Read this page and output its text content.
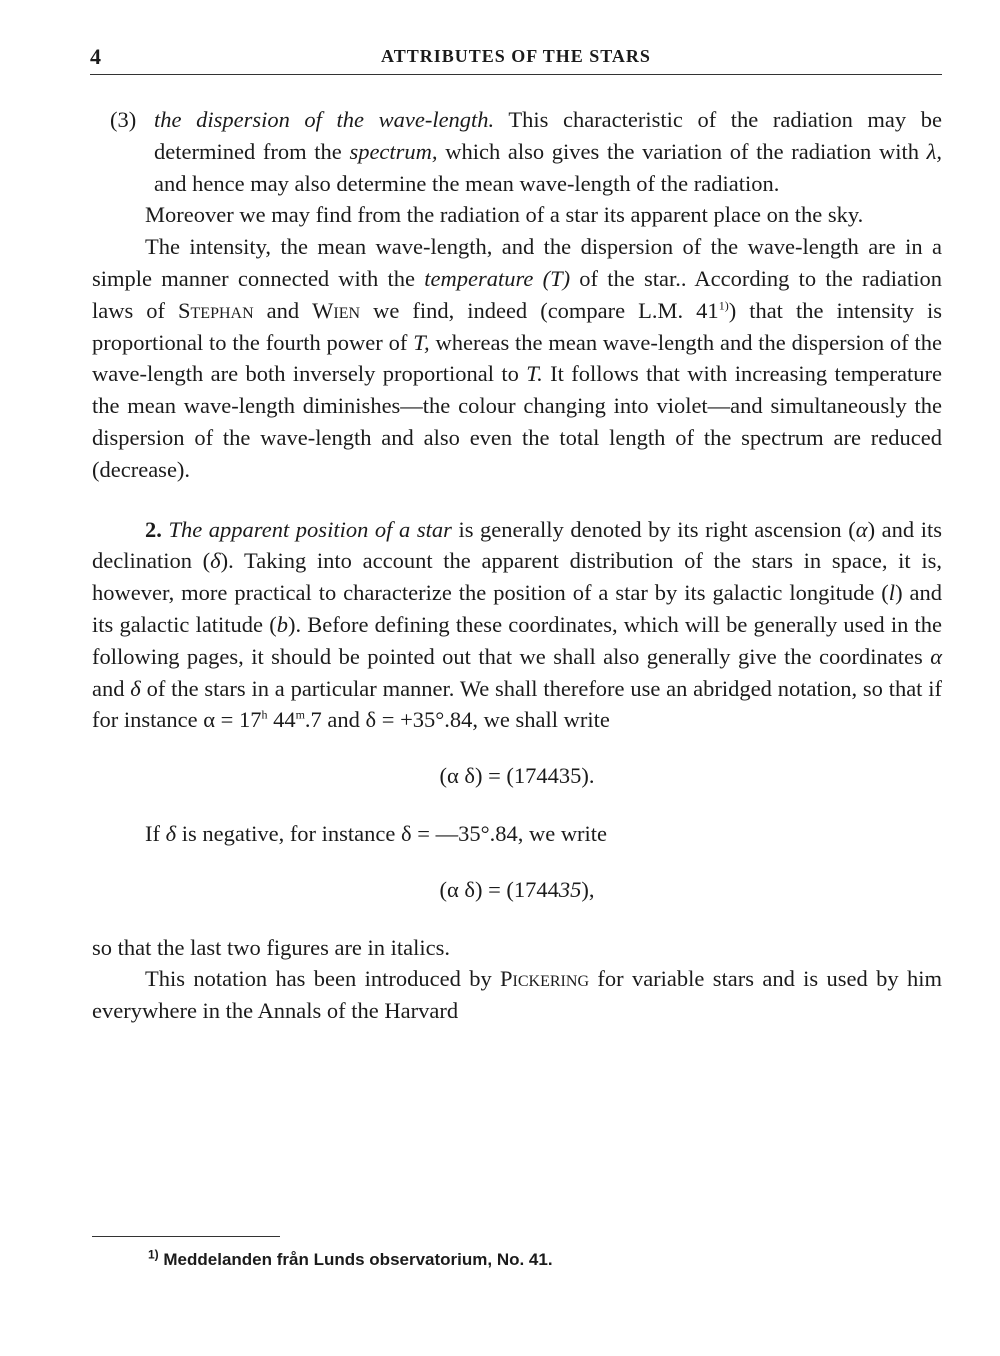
4	ATTRIBUTES OF THE STARS

(3) the dispersion of the wave-length. This characteristic of the radiation may be determined from the spectrum, which also gives the variation of the radiation with λ, and hence may also determine the mean wave-length of the radiation.

Moreover we may find from the radiation of a star its apparent place on the sky.

The intensity, the mean wave-length, and the dispersion of the wave-length are in a simple manner connected with the temperature (T) of the star.. According to the radiation laws of Stephan and Wien we find, indeed (compare L.M. 41$^{1)}$) that the intensity is proportional to the fourth power of T, whereas the mean wave-length and the dispersion of the wave-length are both inversely proportional to T. It follows that with increasing temperature the mean wave-length diminishes—the colour changing into violet—and simultaneously the dispersion of the wave-length and also even the total length of the spectrum are reduced (decrease).

2. The apparent position of a star is generally denoted by its right ascension (α) and its declination (δ). Taking into account the apparent distribution of the stars in space, it is, however, more practical to characterize the position of a star by its galactic longitude (l) and its galactic latitude (b). Before defining these coordinates, which will be generally used in the following pages, it should be pointed out that we shall also generally give the coordinates α and δ of the stars in a particular manner. We shall therefore use an abridged notation, so that if for instance $\alpha = 17^h$ 44$^m$.7 and δ = +35°.84, we shall write

(α δ) = (174435).

If δ is negative, for instance δ = —35°.84, we write

(α δ) = (174435),

so that the last two figures are in italics.

This notation has been introduced by Pickering for variable stars and is used by him everywhere in the Annals of the Harvard

$^{1)}$ Meddelanden från Lunds observatorium, No. 41.
